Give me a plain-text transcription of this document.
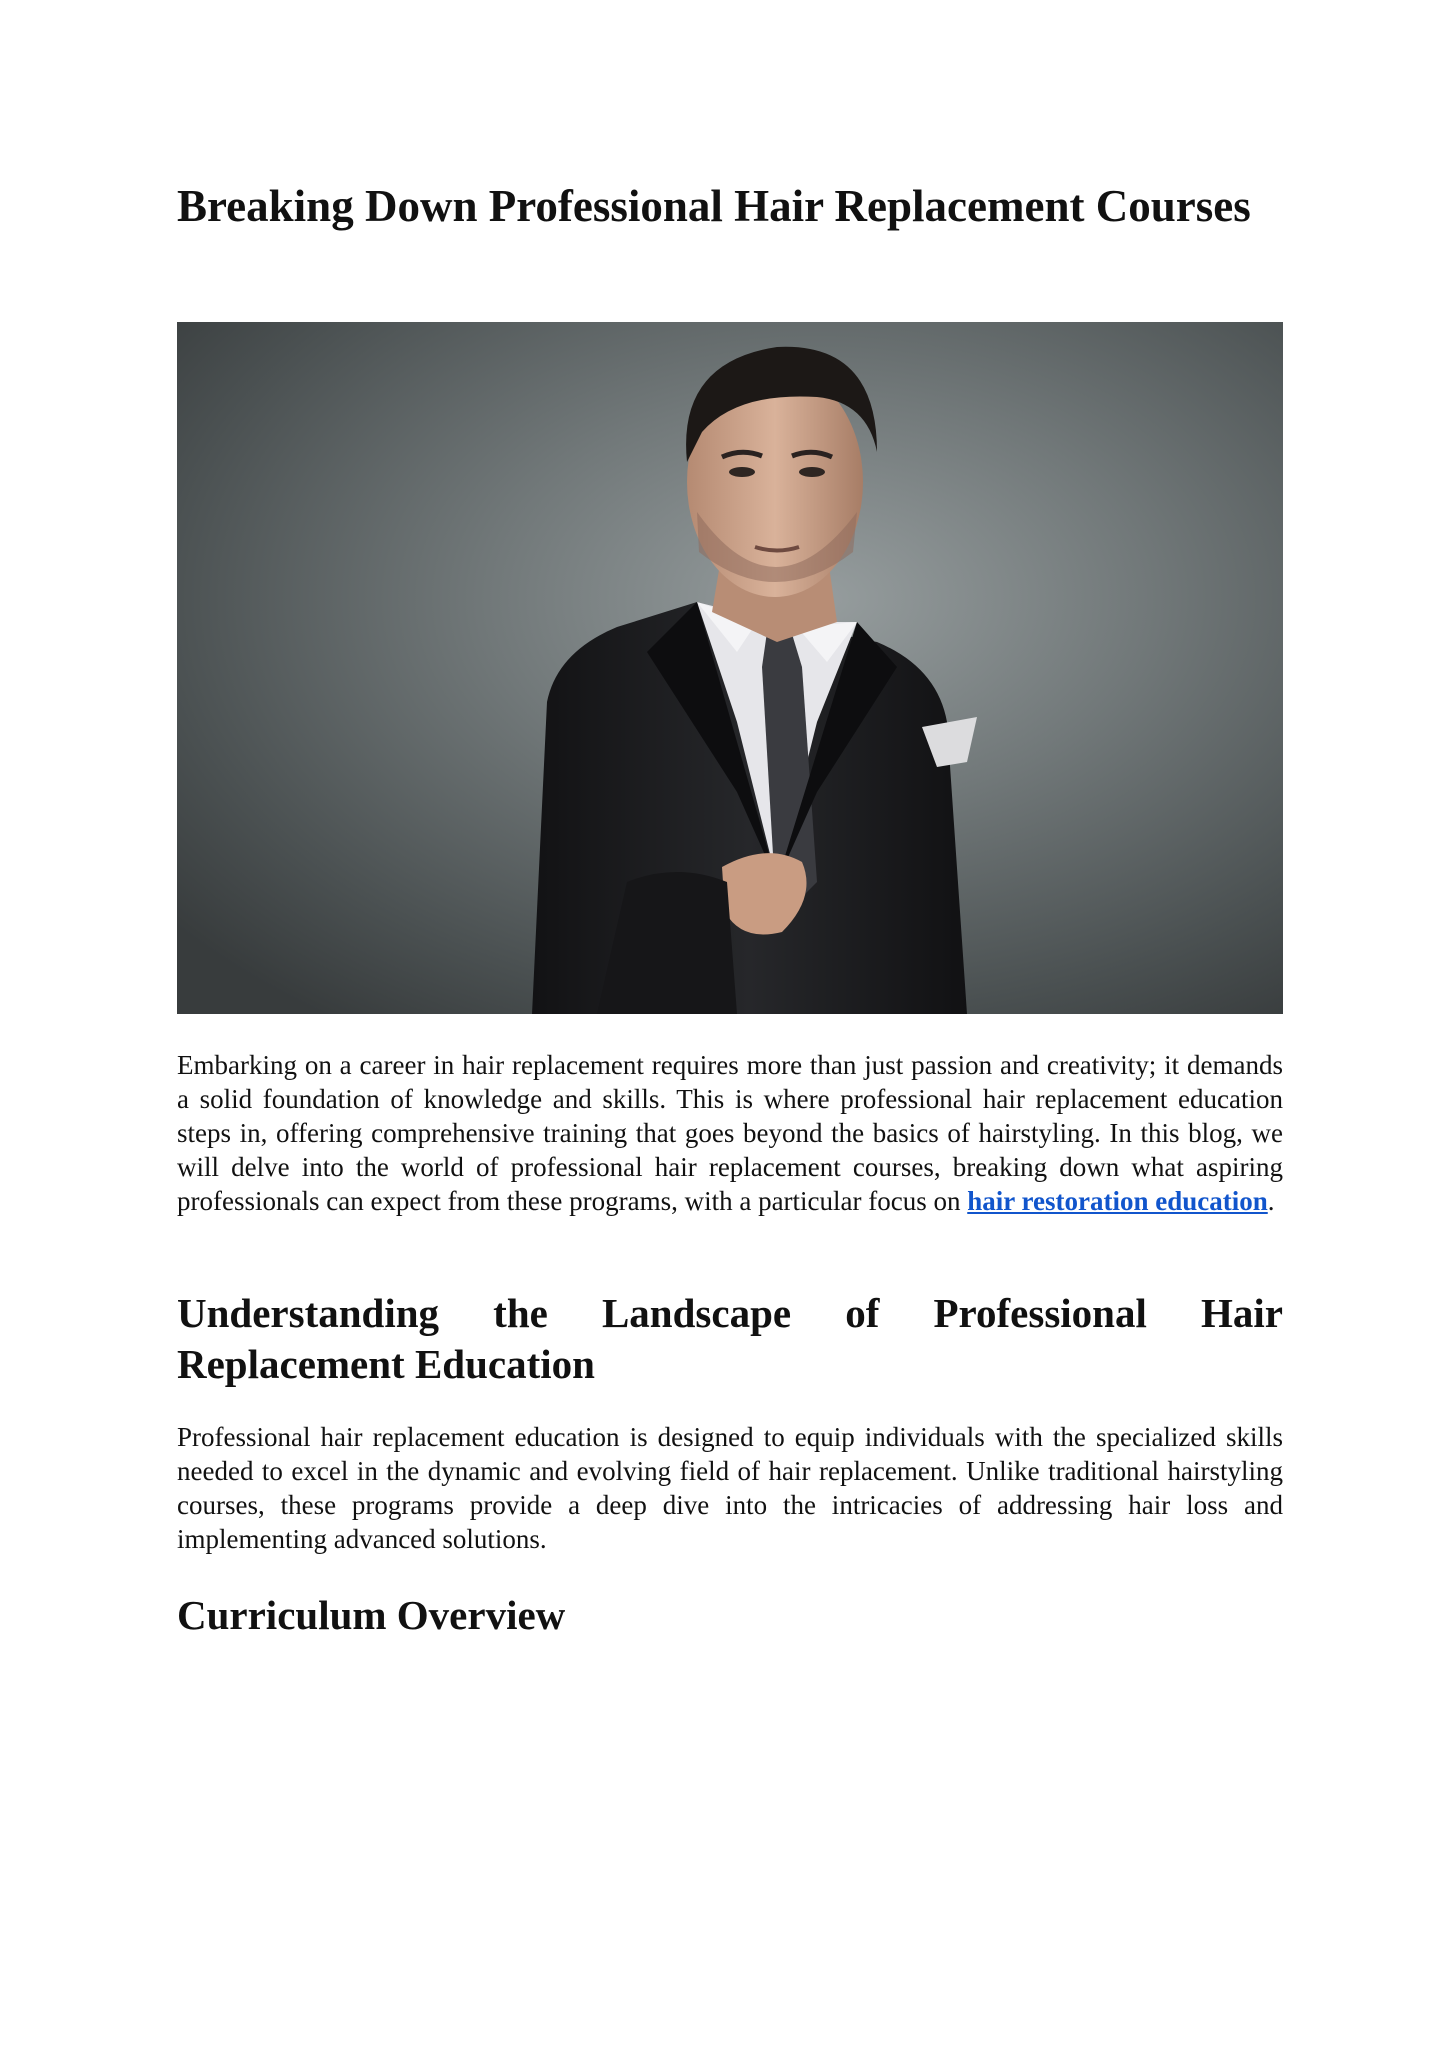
Breaking Down Professional Hair Replacement Courses

Embarking on a career in hair replacement requires more than just passion and creativity; it demands a solid foundation of knowledge and skills. This is where professional hair replacement education steps in, offering comprehensive training that goes beyond the basics of hairstyling. In this blog, we will delve into the world of professional hair replacement courses, breaking down what aspiring professionals can expect from these programs, with a particular focus on hair restoration education.

Understanding the Landscape of Professional Hair Replacement Education

Professional hair replacement education is designed to equip individuals with the specialized skills needed to excel in the dynamic and evolving field of hair replacement. Unlike traditional hairstyling courses, these programs provide a deep dive into the intricacies of addressing hair loss and implementing advanced solutions.

Curriculum Overview
